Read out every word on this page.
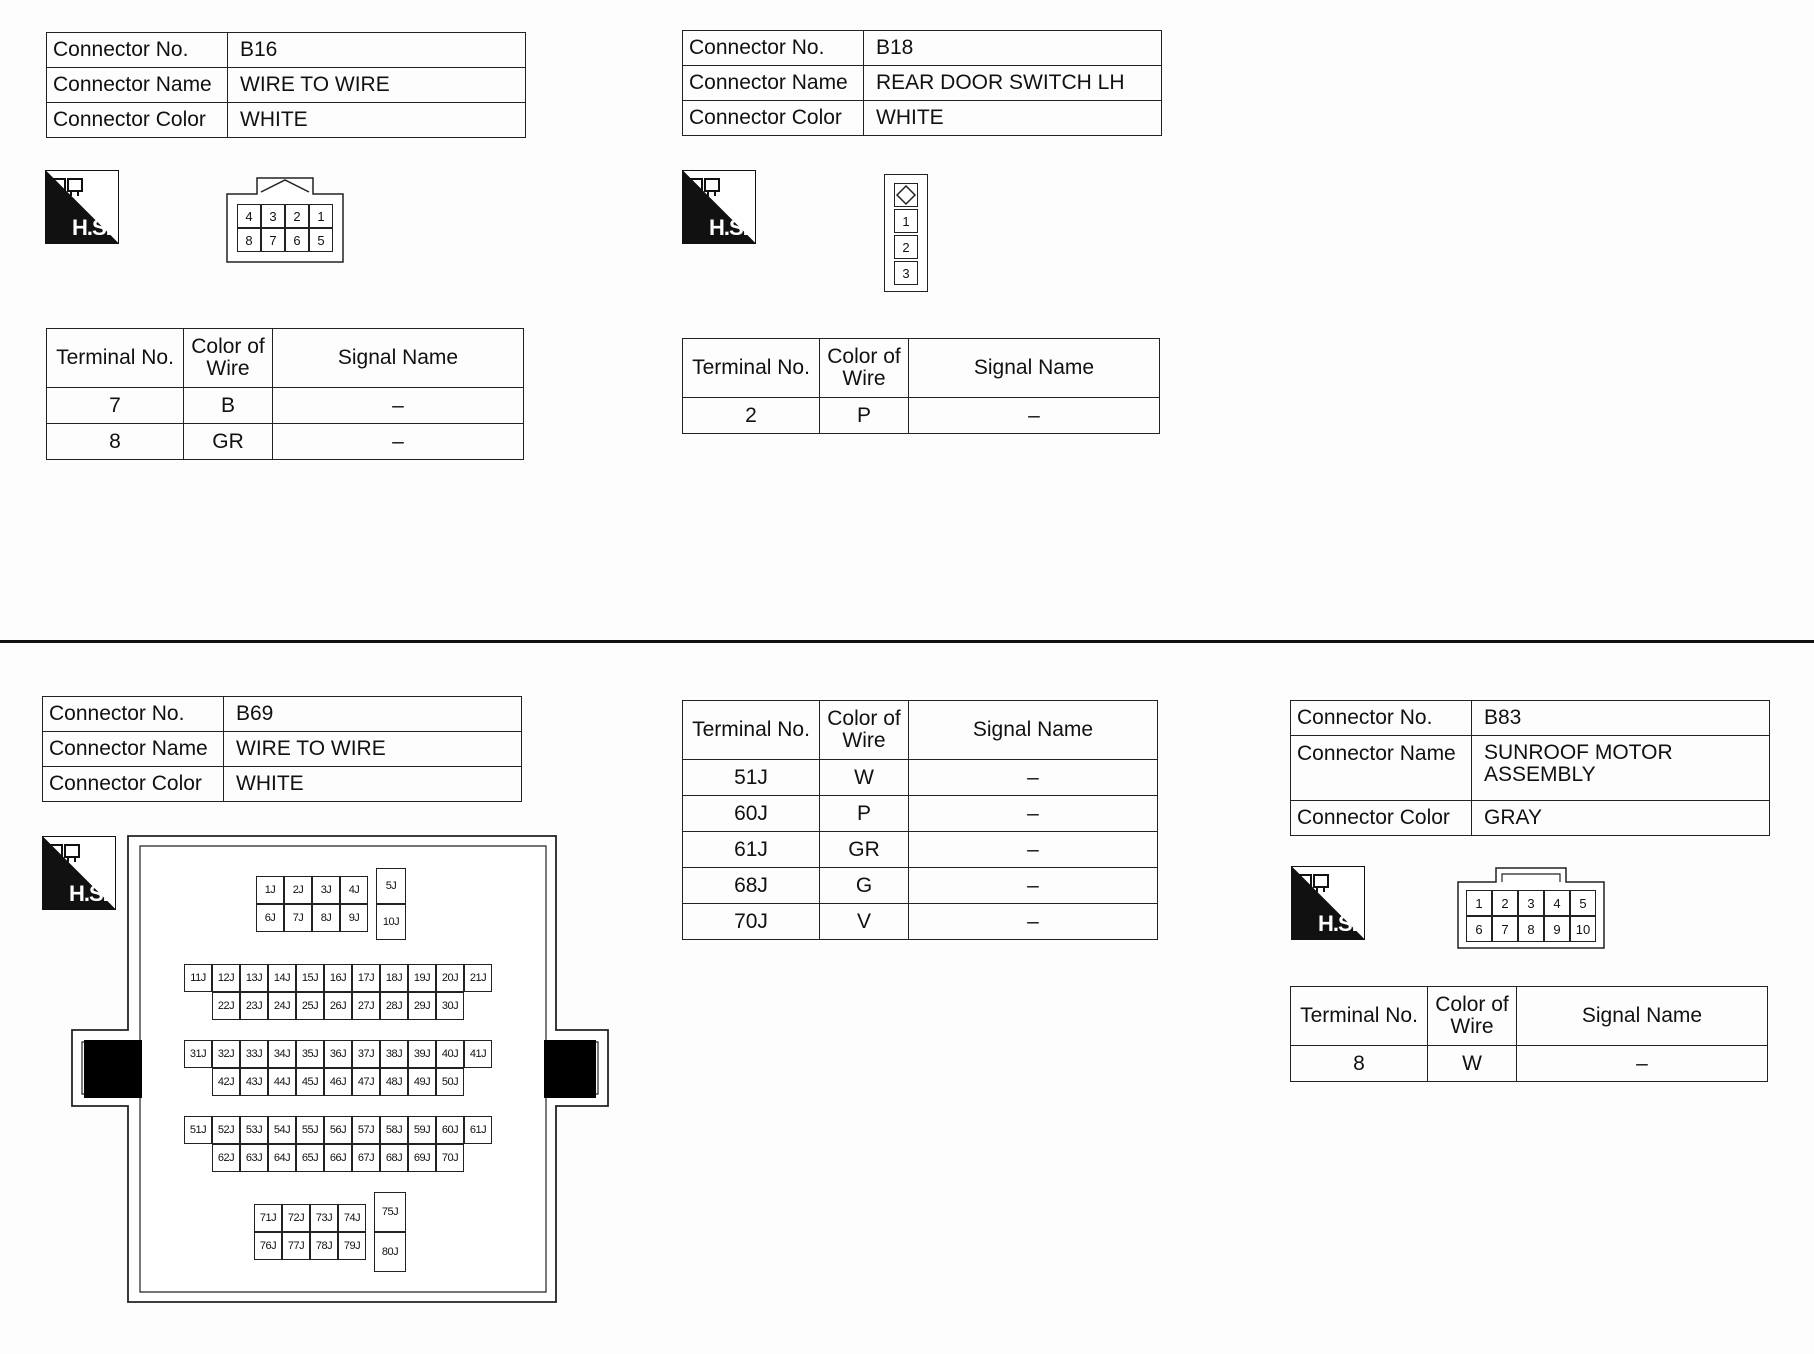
Connector No.	B16
Connector Name	WIRE TO WIRE
Connector Color	WHITE
H.S.	4	3	2	1
8	7	6	5
Terminal No.	Color of Wire	Signal Name
7	B	–
8	GR	–
Connector No.	B18
Connector Name	REAR DOOR SWITCH LH
Connector Color	WHITE
H.S.	1
2
3
Terminal No.	Color of Wire	Signal Name
2	P	–
Connector No.	B69
Connector Name	WIRE TO WIRE
Connector Color	WHITE
H.S.	1J	2J	3J	4J
6J	7J	8J	9J
5J
10J
11J	12J	13J	14J	15J	16J	17J	18J	19J	20J	21J
22J	23J	24J	25J	26J	27J	28J	29J	30J
31J	32J	33J	34J	35J	36J	37J	38J	39J	40J	41J
42J	43J	44J	45J	46J	47J	48J	49J	50J
51J	52J	53J	54J	55J	56J	57J	58J	59J	60J	61J
62J	63J	64J	65J	66J	67J	68J	69J	70J
71J	72J	73J	74J
76J	77J	78J	79J
75J
80J
Terminal No.	Color of Wire	Signal Name
51J	W	–
60J	P	–
61J	GR	–
68J	G	–
70J	V	–
Connector No.	B83
Connector Name	SUNROOF MOTOR
ASSEMBLY

Connector Color	GRAY
H.S.
1	2	3	4	5
6	7	8	9	10
Terminal No.	Color of Wire	Signal Name
8	W	–
